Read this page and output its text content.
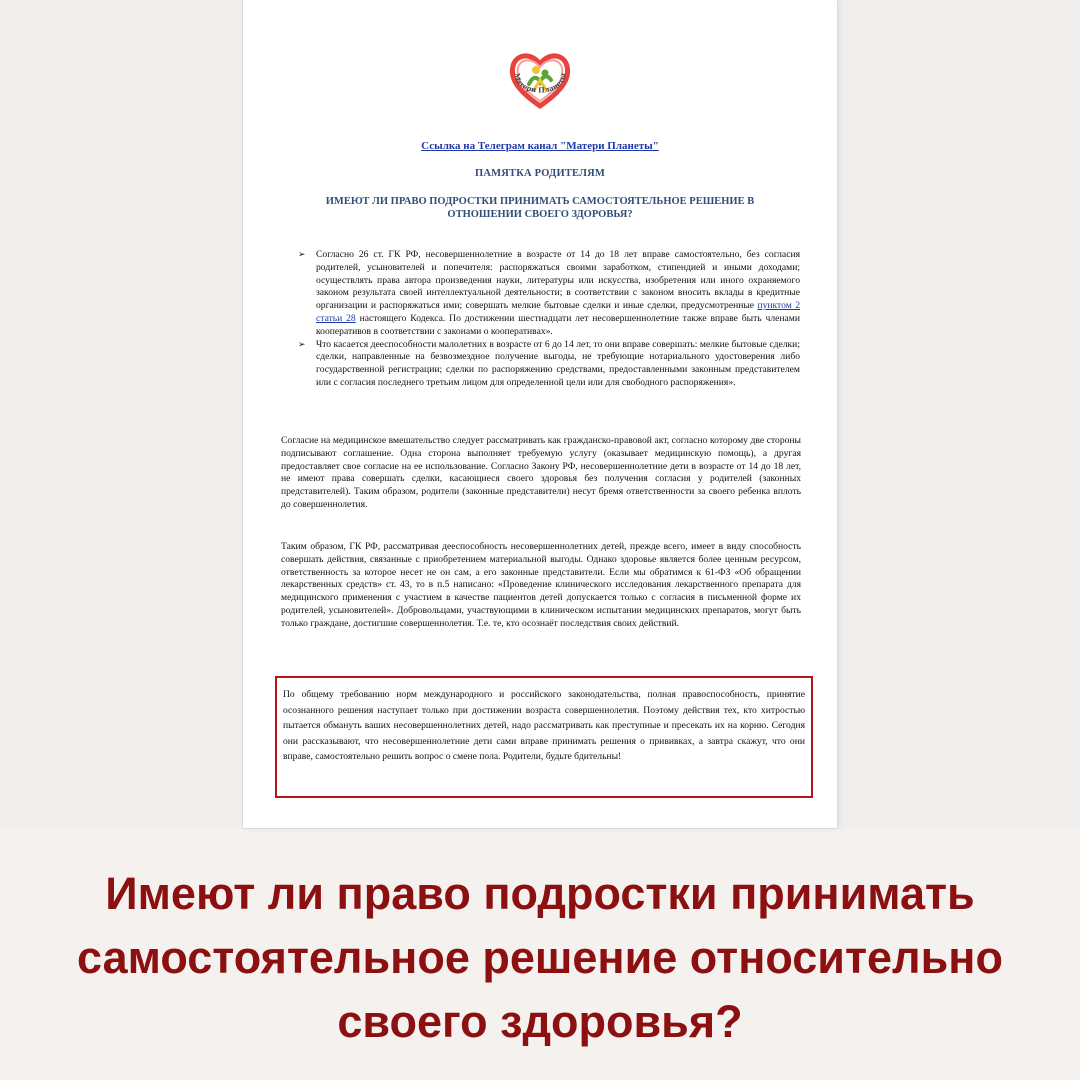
Матери Планеты
Ссылка на Телеграм канал "Матери Планеты"
ПАМЯТКА РОДИТЕЛЯМ
ИМЕЮТ ЛИ ПРАВО ПОДРОСТКИ ПРИНИМАТЬ САМОСТОЯТЕЛЬНОЕ РЕШЕНИЕ В ОТНОШЕНИИ СВОЕГО ЗДОРОВЬЯ?
➢ Согласно 26 ст. ГК РФ, несовершеннолетние в возрасте от 14 до 18 лет вправе самостоятельно, без согласия родителей, усыновителей и попечителя: распоряжаться своими заработком, стипендией и иными доходами; осуществлять права автора произведения науки, литературы или искусства, изобретения или иного охраняемого законом результата своей интеллектуальной деятельности; в соответствии с законом вносить вклады в кредитные организации и распоряжаться ими; совершать мелкие бытовые сделки и иные сделки, предусмотренные пунктом 2 статьи 28 настоящего Кодекса. По достижении шестнадцати лет несовершеннолетние также вправе быть членами кооперативов в соответствии с законами о кооперативах».
➢ Что касается дееспособности малолетних в возрасте от 6 до 14 лет, то они вправе совершать: мелкие бытовые сделки; сделки, направленные на безвозмездное получение выгоды, не требующие нотариального удостоверения либо государственной регистрации; сделки по распоряжению средствами, предоставленными законным представителем или с согласия последнего третьим лицом для определенной цели или для свободного распоряжения».

Согласие на медицинское вмешательство следует рассматривать как гражданско-правовой акт, согласно которому две стороны подписывают соглашение. Одна сторона выполняет требуемую услугу (оказывает медицинскую помощь), а другая предоставляет свое согласие на ее использование. Согласно Закону РФ, несовершеннолетние дети в возрасте от 14 до 18 лет, не имеют права совершать сделки, касающиеся своего здоровья без получения согласия у родителей (законных представителей). Таким образом, родители (законные представители) несут бремя ответственности за своего ребенка вплоть до совершеннолетия.

Таким образом, ГК РФ, рассматривая дееспособность несовершеннолетних детей, прежде всего, имеет в виду способность совершать действия, связанные с приобретением материальной выгоды. Однако здоровье является более ценным ресурсом, ответственность за которое несет не он сам, а его законные представители. Если мы обратимся к 61-ФЗ «Об обращении лекарственных средств» ст. 43, то в п.5 написано: «Проведение клинического исследования лекарственного препарата для медицинского применения с участием в качестве пациентов детей допускается только с согласия в письменной форме их родителей, усыновителей». Добровольцами, участвующими в клиническом испытании медицинских препаратов, могут быть только граждане, достигшие совершеннолетия. Т.е. те, кто осознаёт последствия своих действий.

По общему требованию норм международного и российского законодательства, полная правоспособность, принятие осознанного решения наступает только при достижении возраста совершеннолетия. Поэтому действия тех, кто хитростью пытается обмануть ваших несовершеннолетних детей, надо рассматривать как преступные и пресекать их на корню. Сегодня они рассказывают, что несовершеннолетние дети сами вправе принимать решения о прививках, а завтра скажут, что они вправе, самостоятельно решить вопрос о смене пола. Родители, будьте бдительны!

Имеют ли право подростки принимать самостоятельное решение относительно своего здоровья?
